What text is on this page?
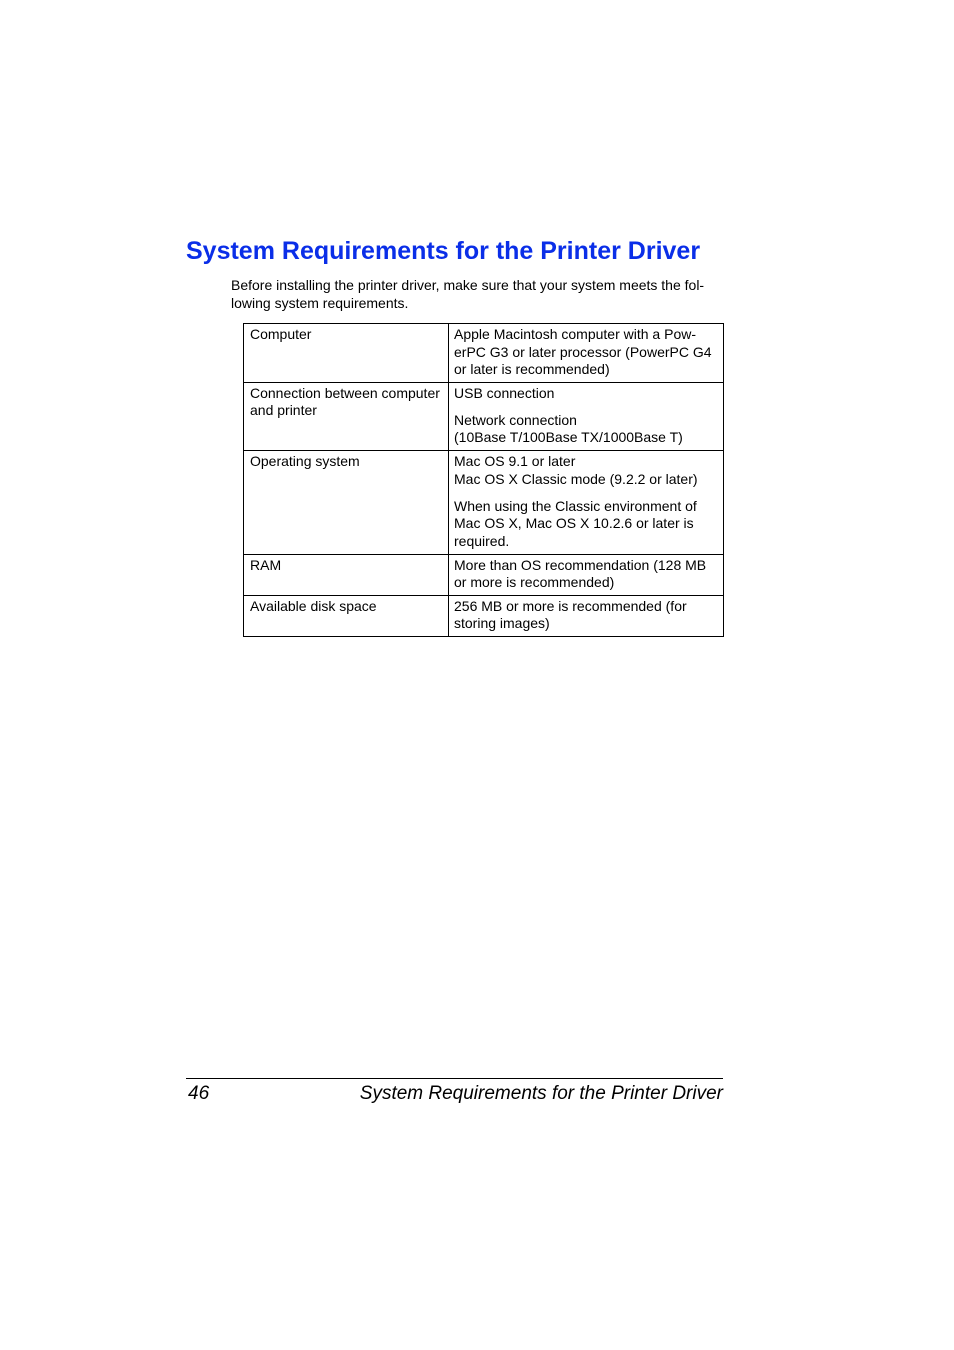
System Requirements for the Printer Driver

Before installing the printer driver, make sure that your system meets the fol-
lowing system requirements.

Computer	Apple Macintosh computer with a Pow-
erPC G3 or later processor (PowerPC G4
or later is recommended)

Connection between computer
and printer	USB connection
Network connection
(10Base T/100Base TX/1000Base T)

Operating system	Mac OS 9.1 or later
Mac OS X Classic mode (9.2.2 or later)
When using the Classic environment of
Mac OS X, Mac OS X 10.2.6 or later is
required.

RAM	More than OS recommendation (128 MB
or more is recommended)

Available disk space	256 MB or more is recommended (for
storing images)
46	System Requirements for the Printer Driver
